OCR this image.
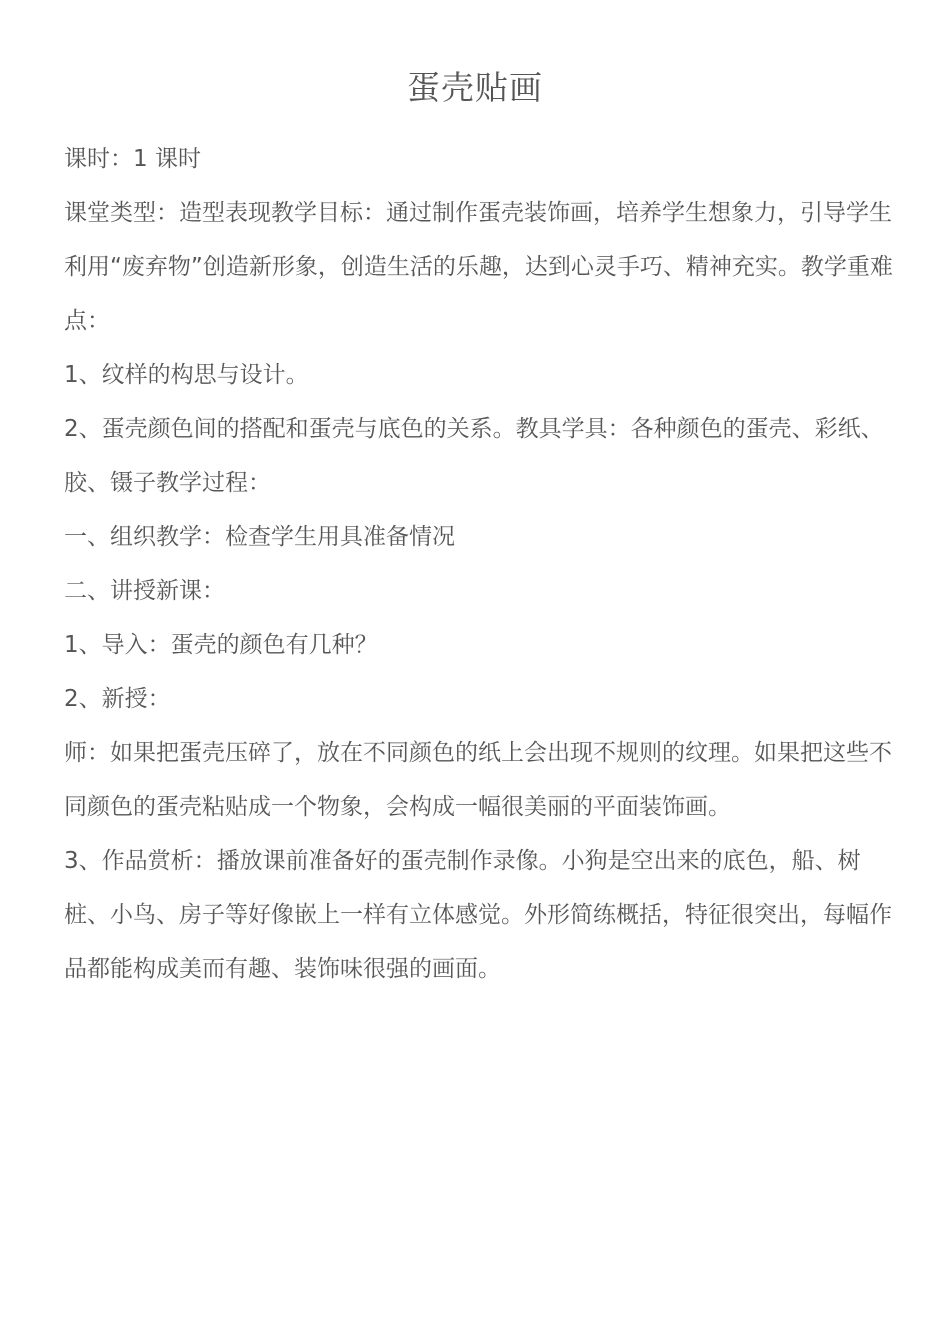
蛋壳贴画

课时：1 课时

课堂类型：造型表现教学目标：通过制作蛋壳装饰画，培养学生想象力，引导学生利用“废弃物”创造新形象，创造生活的乐趣，达到心灵手巧、精神充实。教学重难点：

1、纹样的构思与设计。

2、蛋壳颜色间的搭配和蛋壳与底色的关系。教具学具：各种颜色的蛋壳、彩纸、胶、镊子教学过程：

一、组织教学：检查学生用具准备情况

二、讲授新课：

1、导入：蛋壳的颜色有几种？

2、新授：

师：如果把蛋壳压碎了，放在不同颜色的纸上会出现不规则的纹理。如果把这些不同颜色的蛋壳粘贴成一个物象，会构成一幅很美丽的平面装饰画。

3、作品赏析：播放课前准备好的蛋壳制作录像。小狗是空出来的底色，船、树桩、小鸟、房子等好像嵌上一样有立体感觉。外形简练概括，特征很突出，每幅作品都能构成美而有趣、装饰味很强的画面。
